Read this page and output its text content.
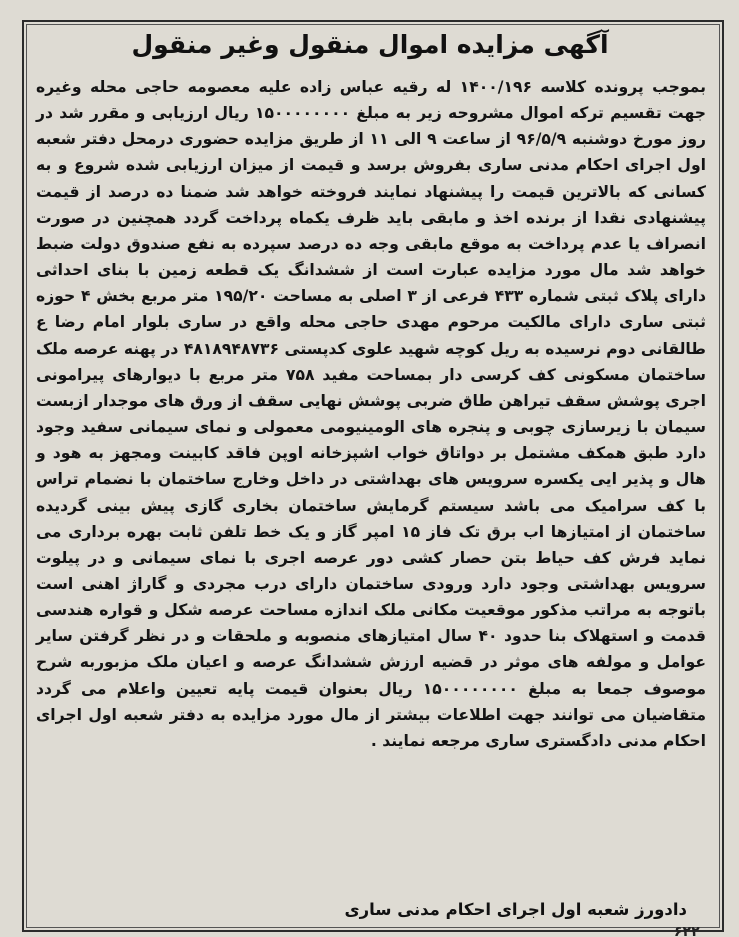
آگهی مزایده اموال منقول وغیر منقول
بموجب پرونده کلاسه ۱۴۰۰/۱۹۶ له رقیه عباس زاده علیه معصومه حاجی محله وغیره جهت تقسیم ترکه اموال مشروحه زیر به مبلغ ۱۵۰۰۰۰۰۰۰۰ ریال ارزیابی و مقرر شد در روز مورخ دوشنبه ۹۶/۵/۹ از ساعت ۹ الی ۱۱ از طریق مزایده حضوری درمحل دفتر شعبه اول اجرای احکام مدنی ساری بفروش برسد و قیمت از میزان ارزیابی شده شروع و به کسانی که بالاترین قیمت را پیشنهاد نمایند فروخته خواهد شد ضمنا ده درصد از قیمت پیشنهادی نقدا از برنده اخذ و مابقی باید ظرف یکماه پرداخت گردد همچنین در صورت انصراف یا عدم پرداخت به موقع مابقی وجه ده درصد سپرده به نفع صندوق دولت ضبط خواهد شد مال مورد مزایده عبارت است از ششدانگ یک قطعه زمین با بنای احداثی دارای پلاک ثبتی شماره ۴۳۳ فرعی از ۳ اصلی به مساحت ۱۹۵/۲۰ متر مربع بخش ۴ حوزه ثبتی ساری دارای مالکیت مرحوم مهدی حاجی محله واقع در ساری بلوار امام رضا ع طالقانی دوم نرسیده به ریل کوچه شهید علوی کدپستی ۴۸۱۸۹۴۸۷۳۶ در پهنه عرصه ملک ساختمان مسکونی کف کرسی دار بمساحت مفید ۷۵۸ متر مربع با دیوارهای پیرامونی اجری پوشش سقف تیراهن طاق ضربی پوشش نهایی سقف از ورق های موجدار ازبست سیمان با زیرسازی چوبی و پنجره های الومینیومی معمولی و نمای سیمانی سفید وجود دارد طبق همکف مشتمل بر دواتاق خواب اشپزخانه اوپن فاقد کابینت ومجهز به هود و هال و پذیر ایی یکسره سرویس های بهداشتی در داخل وخارج ساختمان با نضمام تراس با کف سرامیک می باشد سیستم گرمایش ساختمان بخاری گازی پیش بینی گردیده ساختمان از امتیازها اب برق تک فاز ۱۵ امپر گاز و یک خط تلفن ثابت بهره برداری می نماید فرش کف حیاط بتن حصار کشی دور عرصه اجری با نمای سیمانی و در پیلوت سرویس بهداشتی وجود دارد ورودی ساختمان دارای درب مجردی و گاراژ اهنی است باتوجه به مراتب مذکور موقعیت مکانی ملک اندازه مساحت عرصه شکل و قواره هندسی قدمت و استهلاک بنا حدود ۴۰ سال امتیازهای منصوبه و ملحقات و در نظر گرفتن سایر عوامل و مولفه های موثر در قضیه ارزش ششدانگ عرصه و اعیان ملک مزبوربه شرح موصوف جمعا به مبلغ ۱۵۰۰۰۰۰۰۰۰ ریال بعنوان قیمت پایه تعیین واعلام می گردد متقاضیان می توانند جهت اطلاعات بیشتر از مال مورد مزایده به دفتر شعبه اول اجرای احکام مدنی دادگستری ساری مرجعه نمایند .
دادورز شعبه اول اجرای احکام مدنی ساری
۶۲۲
